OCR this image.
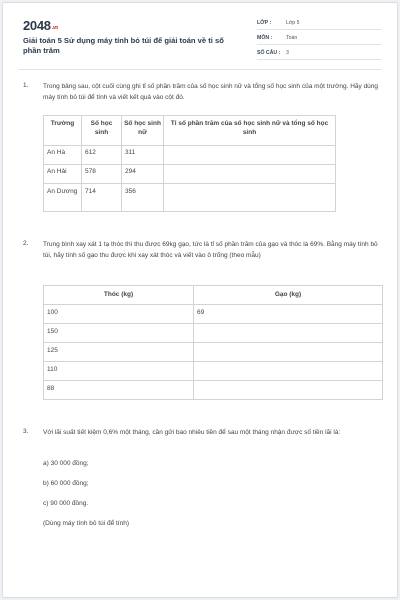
2048.vn
Giải toán 5 Sử dụng máy tính bỏ túi để giải toán về tỉ số phần trăm
LỚP :	Lớp 5
MÔN :	Toán
SỐ CÂU :	3
1. Trong bảng sau, cột cuối cùng ghi tỉ số phần trăm của số học sinh nữ và tổng số học sinh của một trường. Hãy dùng máy tính bỏ túi để tính và viết kết quả vào cột đó.
Trường	Số học sinh	Số học sinh nữ	Tỉ số phần trăm của số học sinh nữ và tổng số học sinh
An Hà	612	311	
An Hải	578	294	
An Dương	714	356	
2. Trung bình xay xát 1 tạ thóc thì thu được 69kg gạo, tức là tỉ số phần trăm của gạo và thóc là 69%. Bằng máy tính bỏ túi, hãy tính số gạo thu được khi xay xát thóc và viết vào ô trống (theo mẫu)
Thóc (kg)	Gạo (kg)
100	69
150	
125	
110	
88	
3. Với lãi suất tiết kiệm 0,6% một tháng, cần gửi bao nhiêu tiền để sau một tháng nhận được số tiền lãi là:
a) 30 000 đồng;
b) 60 000 đồng;
c) 90 000 đồng.
(Dùng máy tính bỏ túi để tính)
